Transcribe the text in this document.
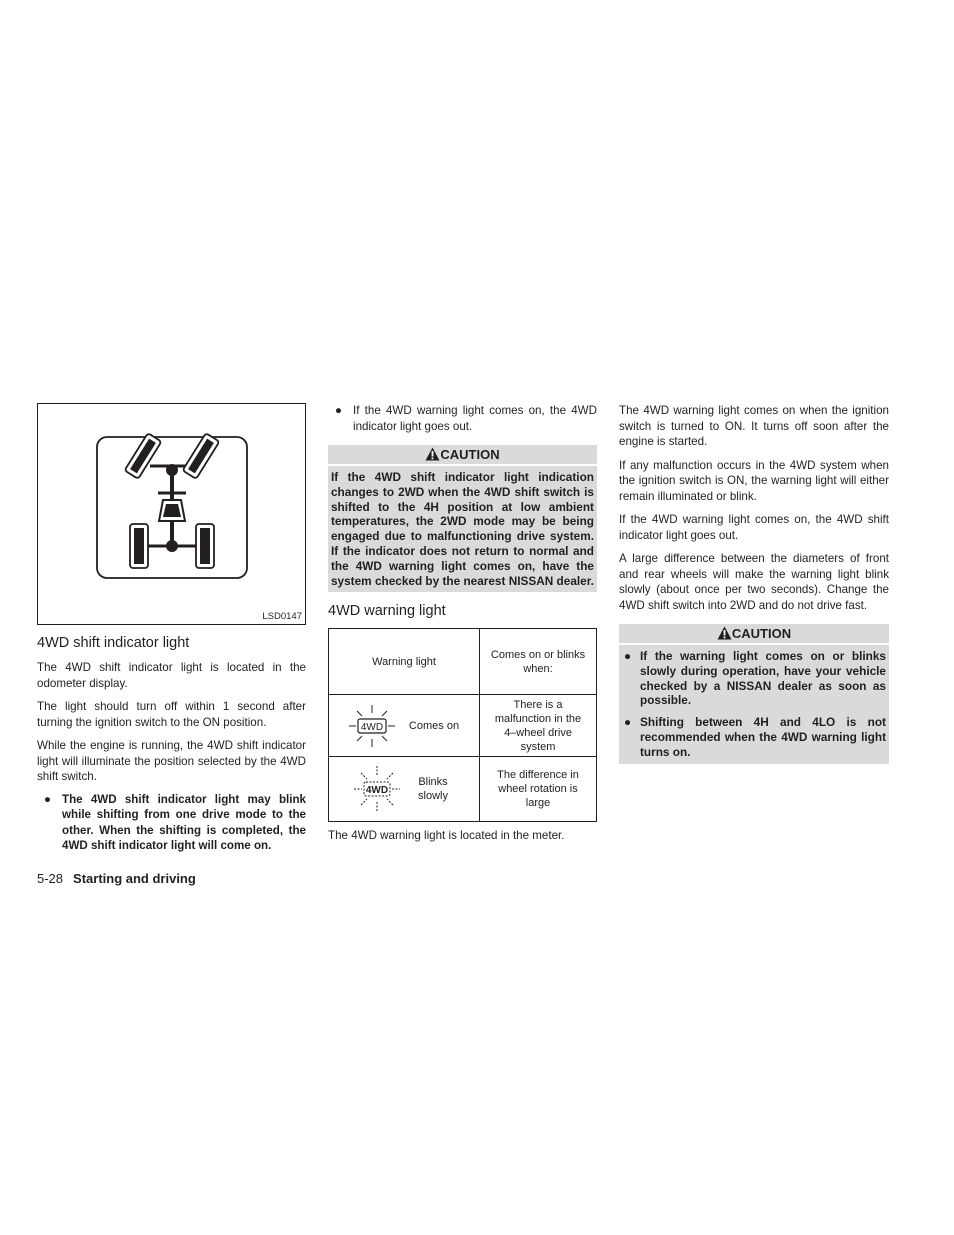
LSD0147
4WD shift indicator light

The 4WD shift indicator light is located in the odometer display.

The light should turn off within 1 second after turning the ignition switch to the ON position.

While the engine is running, the 4WD shift indicator light will illuminate the position selected by the 4WD shift switch.

● The 4WD shift indicator light may blink while shifting from one drive mode to the other. When the shifting is completed, the 4WD shift indicator light will come on.
● If the 4WD warning light comes on, the 4WD indicator light goes out.
CAUTION
If the 4WD shift indicator light indication changes to 2WD when the 4WD shift switch is shifted to the 4H position at low ambient temperatures, the 2WD mode may be being engaged due to malfunctioning drive system. If the indicator does not return to normal and the 4WD warning light comes on, have the system checked by the nearest NISSAN dealer.
4WD warning light
Warning light	Comes on or blinks when:

4WD Comes on	There is a malfunction in the 4–wheel drive system

4WD
Blinks slowly	The difference in wheel rotation is large

The 4WD warning light is located in the meter.

The 4WD warning light comes on when the ignition switch is turned to ON. It turns off soon after the engine is started.

If any malfunction occurs in the 4WD system when the ignition switch is ON, the warning light will either remain illuminated or blink.

If the 4WD warning light comes on, the 4WD shift indicator light goes out.

A large difference between the diameters of front and rear wheels will make the warning light blink slowly (about once per two seconds). Change the 4WD shift switch into 2WD and do not drive fast.

CAUTION
● If the warning light comes on or blinks slowly during operation, have your vehicle checked by a NISSAN dealer as soon as possible.
● Shifting between 4H and 4LO is not recommended when the 4WD warning light turns on.
5-28 Starting and driving
